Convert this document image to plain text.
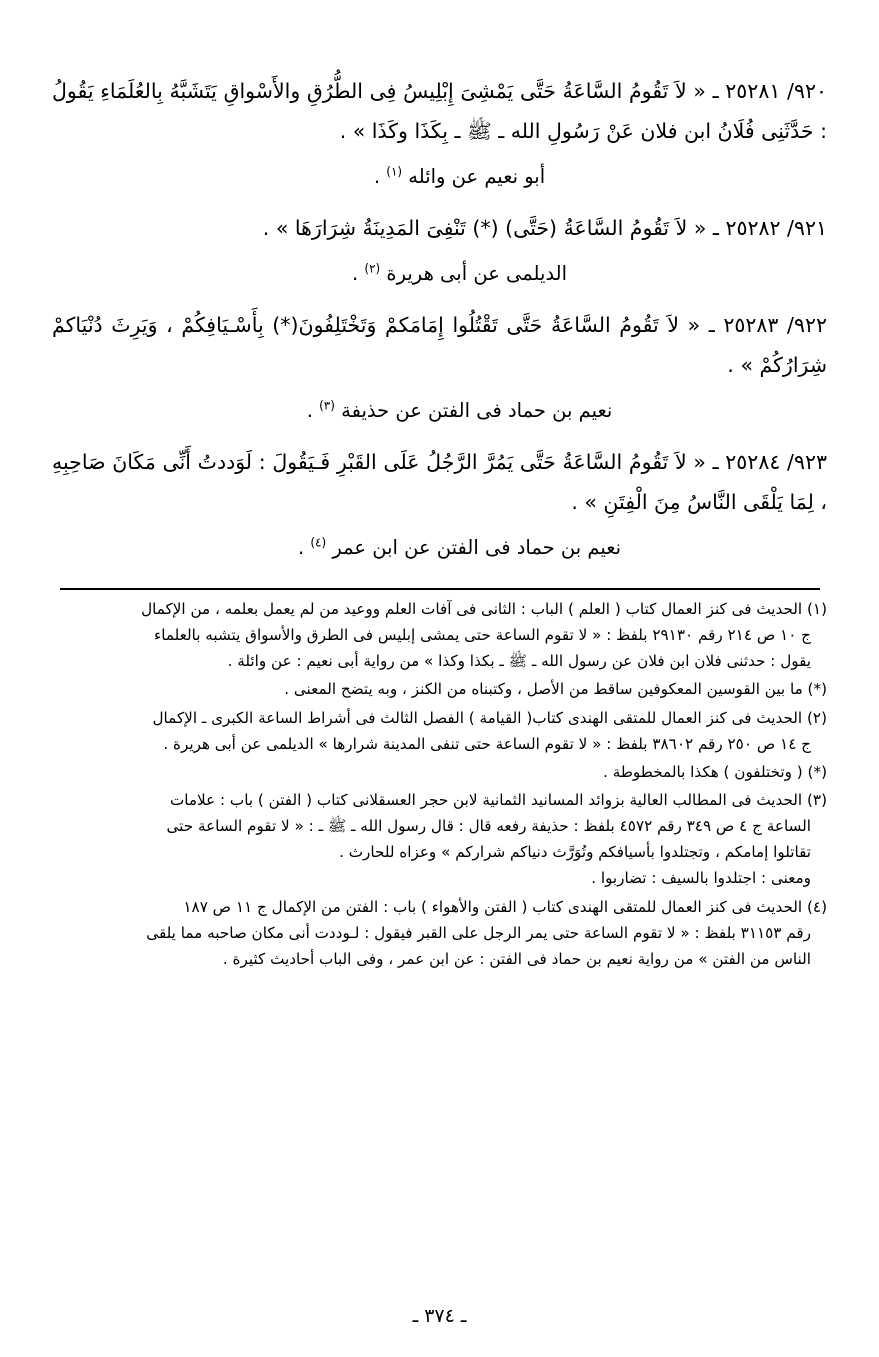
٩٢٠/ ٢٥٢٨١ ـ « لاَ تَقُومُ السَّاعَةُ حَتَّى يَمْشِىَ إِبْلِيسُ فِى الطُّرُقِ والأَسْواقِ يَتَشَبَّهُ بِالعُلَمَاءِ يَقُولُ : حَدَّثَنِى فُلَانُ ابن فلان عَنْ رَسُولِ الله ـ ﷺ ـ بِكَذَا وكَذَا » .

أبو نعيم عن وائله $^{(١)}$ .

٩٢١/ ٢٥٢٨٢ ـ « لاَ تَقُومُ السَّاعَةُ (حَتَّى) (*) تَنْفِىَ المَدِينَةُ شِرَارَهَا » .

الديلمى عن أبى هريرة $^{(٢)}$ .

٩٢٢/ ٢٥٢٨٣ ـ « لاَ تَقُومُ السَّاعَةُ حَتَّى تَقْتُلُوا إِمَامَكمْ وَتَخْتَلِفُونَ(*) بِأَسْـيَافِكُمْ ، وَيَرِثَ دُنْيَاكمْ شِرَارُكُمْ » .

نعيم بن حماد فى الفتن عن حذيفة $^{(٣)}$ .

٩٢٣/ ٢٥٢٨٤ ـ « لاَ تَقُومُ السَّاعَةُ حَتَّى يَمُرَّ الرَّجُلُ عَلَى القَبْرِ فَـيَقُولَ : لَوَددتُ أَنِّى مَكَانَ صَاحِبِهِ ، لِمَا يَلْقَى النَّاسُ مِنَ الْفِتَنِ » .

نعيم بن حماد فى الفتن عن ابن عمر $^{(٤)}$ .

(١) الحديث فى كنز العمال كتاب ( العلم ) الباب : الثانى فى آفات العلم ووعيد من لم يعمل بعلمه ، من الإكمال
ج ١٠ ص ٢١٤ رقم ٢٩١٣٠ بلفظ : « لا تقوم الساعة حتى يمشى إبليس فى الطرق والأسواق يتشبه بالعلماء
يقول : حدثنى فلان ابن فلان عن رسول الله ـ ﷺ ـ بكذا وكذا » من رواية أبى نعيم : عن وائلة .

(*) ما بين القوسين المعكوفين ساقط من الأصل ، وكتبناه من الكنز ، وبه يتضح المعنى .

(٢) الحديث فى كنز العمال للمتقى الهندى كتاب( القيامة ) الفصل الثالث فى أشراط الساعة الكبرى ـ الإكمال
ج ١٤ ص ٢٥٠ رقم ٣٨٦٠٢ بلفظ : « لا تقوم الساعة حتى تنفى المدينة شرارها » الديلمى عن أبى هريرة .

(*) ( وتختلفون ) هكذا بالمخطوطة .

(٣) الحديث فى المطالب العالية بزوائد المسانيد الثمانية لابن حجر العسقلانى كتاب ( الفتن ) باب : علامات
الساعة ج ٤ ص ٣٤٩ رقم ٤٥٧٢ بلفظ : حذيفة رفعه قال : قال رسول الله ـ ﷺ ـ : « لا تقوم الساعة حتى
تقاتلوا إمامكم ، وتجتلدوا بأسيافكم وتُوَرَّث دنياكم شراركم » وعزاه للحارث .
ومعنى : اجتلدوا بالسيف : تضاربوا .

(٤) الحديث فى كنز العمال للمتقى الهندى كتاب ( الفتن والأهواء ) باب : الفتن من الإكمال ج ١١ ص ١٨٧
رقم ٣١١٥٣ بلفظ : « لا تقوم الساعة حتى يمر الرجل على القبر فيقول : لـوددت أنى مكان صاحبه مما يلقى
الناس من الفتن » من رواية نعيم بن حماد فى الفتن : عن ابن عمر ، وفى الباب أحاديث كثيرة .

ـ ٣٧٤ ـ
